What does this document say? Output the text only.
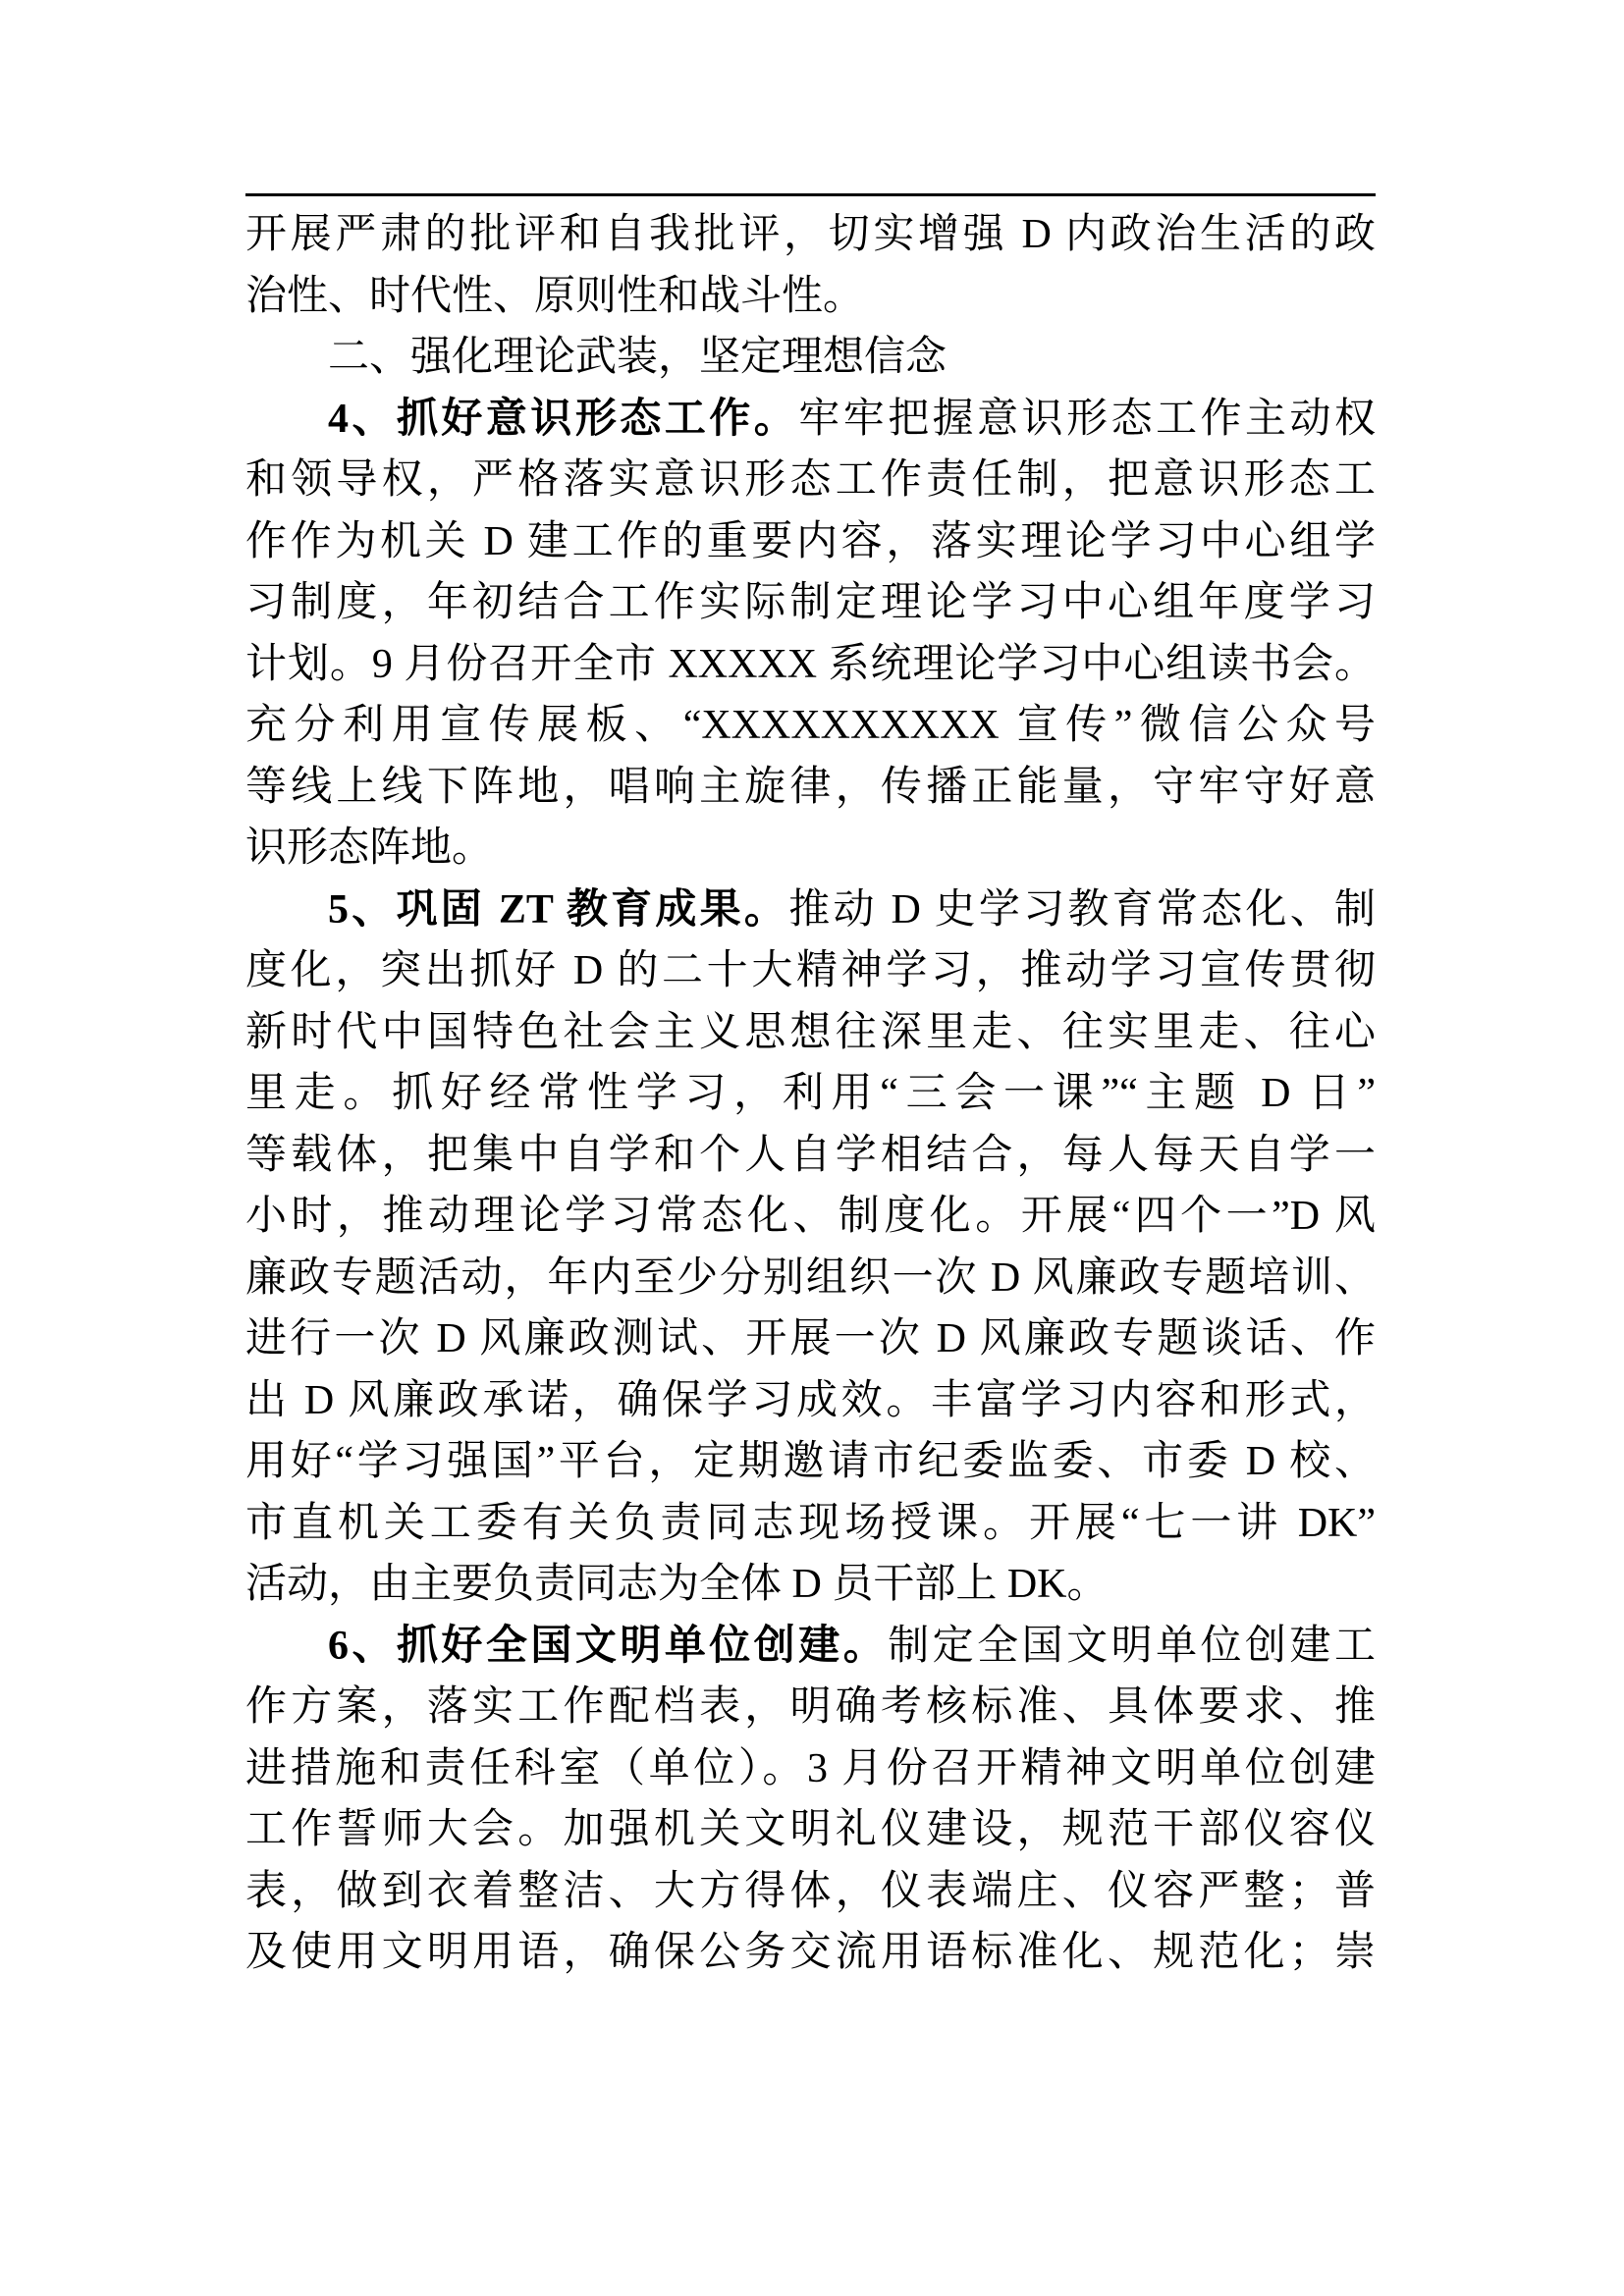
开展严肃的批评和自我批评，切实增强 D 内政治生活的政
治性、时代性、原则性和战斗性。
二、强化理论武装，坚定理想信念
4、抓好意识形态工作。牢牢把握意识形态工作主动权
和领导权，严格落实意识形态工作责任制，把意识形态工
作作为机关 D 建工作的重要内容，落实理论学习中心组学
习制度，年初结合工作实际制定理论学习中心组年度学习
计划。9 月份召开全市 XXXXX 系统理论学习中心组读书会。
充分利用宣传展板、“XXXXXXXXXX 宣传”微信公众号
等线上线下阵地，唱响主旋律，传播正能量，守牢守好意
识形态阵地。
5、巩固 ZT 教育成果。推动 D 史学习教育常态化、制
度化，突出抓好 D 的二十大精神学习，推动学习宣传贯彻
新时代中国特色社会主义思想往深里走、往实里走、往心
里走。抓好经常性学习，利用“三会一课”“主题 D 日”
等载体，把集中自学和个人自学相结合，每人每天自学一
小时，推动理论学习常态化、制度化。开展“四个一”D 风
廉政专题活动，年内至少分别组织一次 D 风廉政专题培训、
进行一次 D 风廉政测试、开展一次 D 风廉政专题谈话、作
出 D 风廉政承诺，确保学习成效。丰富学习内容和形式，
用好“学习强国”平台，定期邀请市纪委监委、市委 D 校、
市直机关工委有关负责同志现场授课。开展“七一讲 DK”
活动，由主要负责同志为全体 D 员干部上 DK。
6、抓好全国文明单位创建。制定全国文明单位创建工
作方案，落实工作配档表，明确考核标准、具体要求、推
进措施和责任科室（单位）。3 月份召开精神文明单位创建
工作誓师大会。加强机关文明礼仪建设，规范干部仪容仪
表，做到衣着整洁、大方得体，仪表端庄、仪容严整；普
及使用文明用语，确保公务交流用语标准化、规范化；崇
